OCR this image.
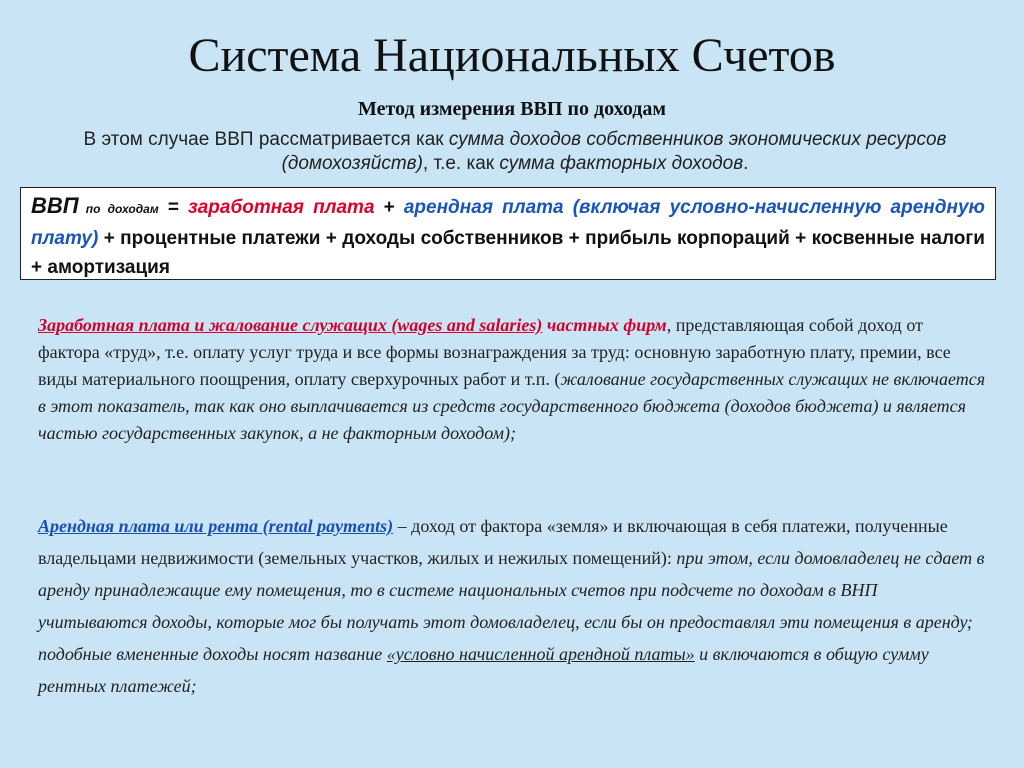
Система Национальных Счетов
Метод измерения ВВП по доходам
В этом случае ВВП рассматривается как сумма доходов собственников экономических ресурсов (домохозяйств), т.е. как сумма факторных доходов.
ВВП по доходам = заработная плата + арендная плата (включая условно-начисленную арендную плату) + процентные платежи + доходы собственников + прибыль корпораций + косвенные налоги + амортизация
Заработная плата и жалование служащих (wages and salaries) частных фирм, представляющая собой доход от фактора «труд», т.е. оплату услуг труда и все формы вознаграждения за труд: основную заработную плату, премии, все виды материального поощрения, оплату сверхурочных работ и т.п. (жалование государственных служащих не включается в этот показатель, так как оно выплачивается из средств государственного бюджета (доходов бюджета) и является частью государственных закупок, а не факторным доходом);
Арендная плата или рента (rental payments) – доход от фактора «земля» и включающая в себя платежи, полученные владельцами недвижимости (земельных участков, жилых и нежилых помещений): при этом, если домовладелец не сдает в аренду принадлежащие ему помещения, то в системе национальных счетов при подсчете по доходам в ВНП учитываются доходы, которые мог бы получать этот домовладелец, если бы он предоставлял эти помещения в аренду; подобные вмененные доходы носят название «условно начисленной арендной платы» и включаются в общую сумму рентных платежей;
